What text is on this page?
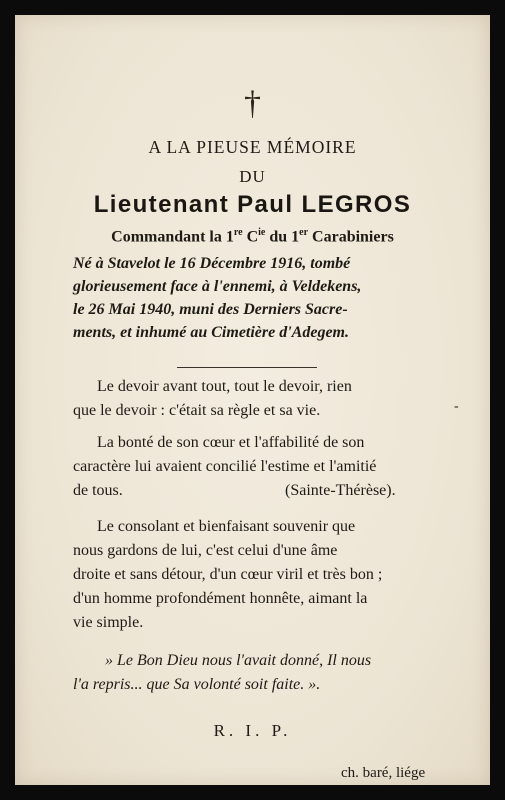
†
A LA PIEUSE MÉMOIRE
DU
Lieutenant Paul LEGROS
Commandant la 1re $C^{ie}$ du 1er Carabiniers
Né à Stavelot le 16 Décembre 1916, tombé
glorieusement face à l'ennemi, à Veldekens,
le 26 Mai 1940, muni des Derniers Sacre-
ments, et inhumé au Cimetière d'Adegem.
Le devoir avant tout, tout le devoir, rien
que le devoir : c'était sa règle et sa vie.	-
La bonté de son cœur et l'affabilité de son
caractère lui avaient concilié l'estime et l'amitié
de tous.	(Sainte-Thérèse).
Le consolant et bienfaisant souvenir que
nous gardons de lui, c'est celui d'une âme
droite et sans détour, d'un cœur viril et très bon ;
d'un homme profondément honnête, aimant la
vie simple.
» Le Bon Dieu nous l'avait donné, Il nous
l'a repris... que Sa volonté soit faite. ».
R. I. P.
ch. baré, liége
